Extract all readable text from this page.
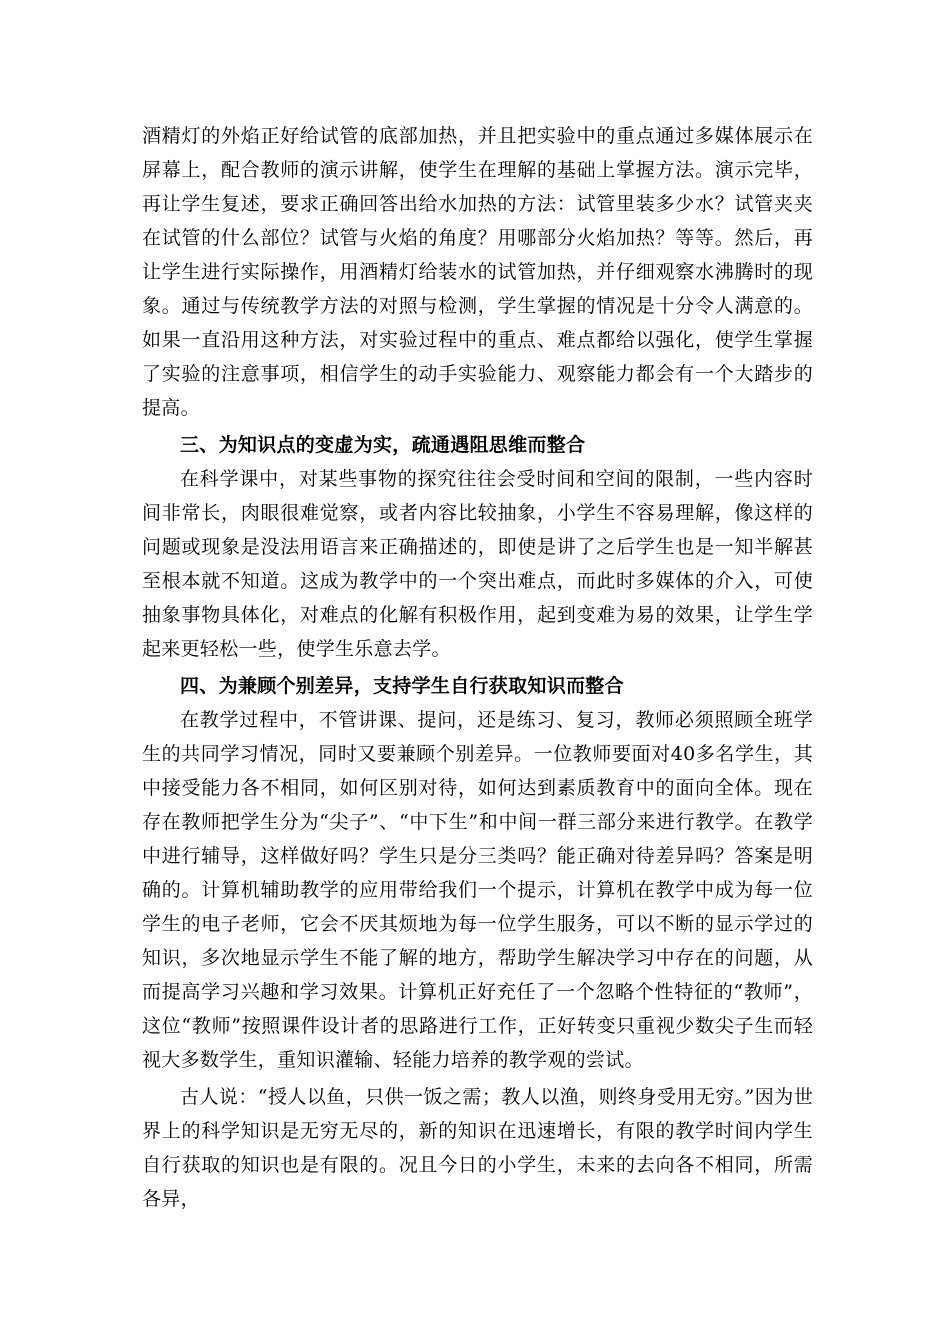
酒精灯的外焰正好给试管的底部加热，并且把实验中的重点通过多媒体展示在屏幕上，配合教师的演示讲解，使学生在理解的基础上掌握方法。演示完毕，再让学生复述，要求正确回答出给水加热的方法：试管里装多少水？试管夹夹在试管的什么部位？试管与火焰的角度？用哪部分火焰加热？等等。然后，再让学生进行实际操作，用酒精灯给装水的试管加热，并仔细观察水沸腾时的现象。通过与传统教学方法的对照与检测，学生掌握的情况是十分令人满意的。如果一直沿用这种方法，对实验过程中的重点、难点都给以强化，使学生掌握了实验的注意事项，相信学生的动手实验能力、观察能力都会有一个大踏步的提高。

三、为知识点的变虚为实，疏通遇阻思维而整合

在科学课中，对某些事物的探究往往会受时间和空间的限制，一些内容时间非常长，肉眼很难觉察，或者内容比较抽象，小学生不容易理解，像这样的问题或现象是没法用语言来正确描述的，即使是讲了之后学生也是一知半解甚至根本就不知道。这成为教学中的一个突出难点，而此时多媒体的介入，可使抽象事物具体化，对难点的化解有积极作用，起到变难为易的效果，让学生学起来更轻松一些，使学生乐意去学。

四、为兼顾个别差异，支持学生自行获取知识而整合

在教学过程中，不管讲课、提问，还是练习、复习，教师必须照顾全班学生的共同学习情况，同时又要兼顾个别差异。一位教师要面对40多名学生，其中接受能力各不相同，如何区别对待，如何达到素质教育中的面向全体。现在存在教师把学生分为“尖子”、“中下生”和中间一群三部分来进行教学。在教学中进行辅导，这样做好吗？学生只是分三类吗？能正确对待差异吗？答案是明确的。计算机辅助教学的应用带给我们一个提示，计算机在教学中成为每一位学生的电子老师，它会不厌其烦地为每一位学生服务，可以不断的显示学过的知识，多次地显示学生不能了解的地方，帮助学生解决学习中存在的问题，从而提高学习兴趣和学习效果。计算机正好充任了一个忽略个性特征的“教师”，这位“教师”按照课件设计者的思路进行工作，正好转变只重视少数尖子生而轻视大多数学生，重知识灌输、轻能力培养的教学观的尝试。

古人说：“授人以鱼，只供一饭之需；教人以渔，则终身受用无穷。”因为世界上的科学知识是无穷无尽的，新的知识在迅速增长，有限的教学时间内学生自行获取的知识也是有限的。况且今日的小学生，未来的去向各不相同，所需各异，
